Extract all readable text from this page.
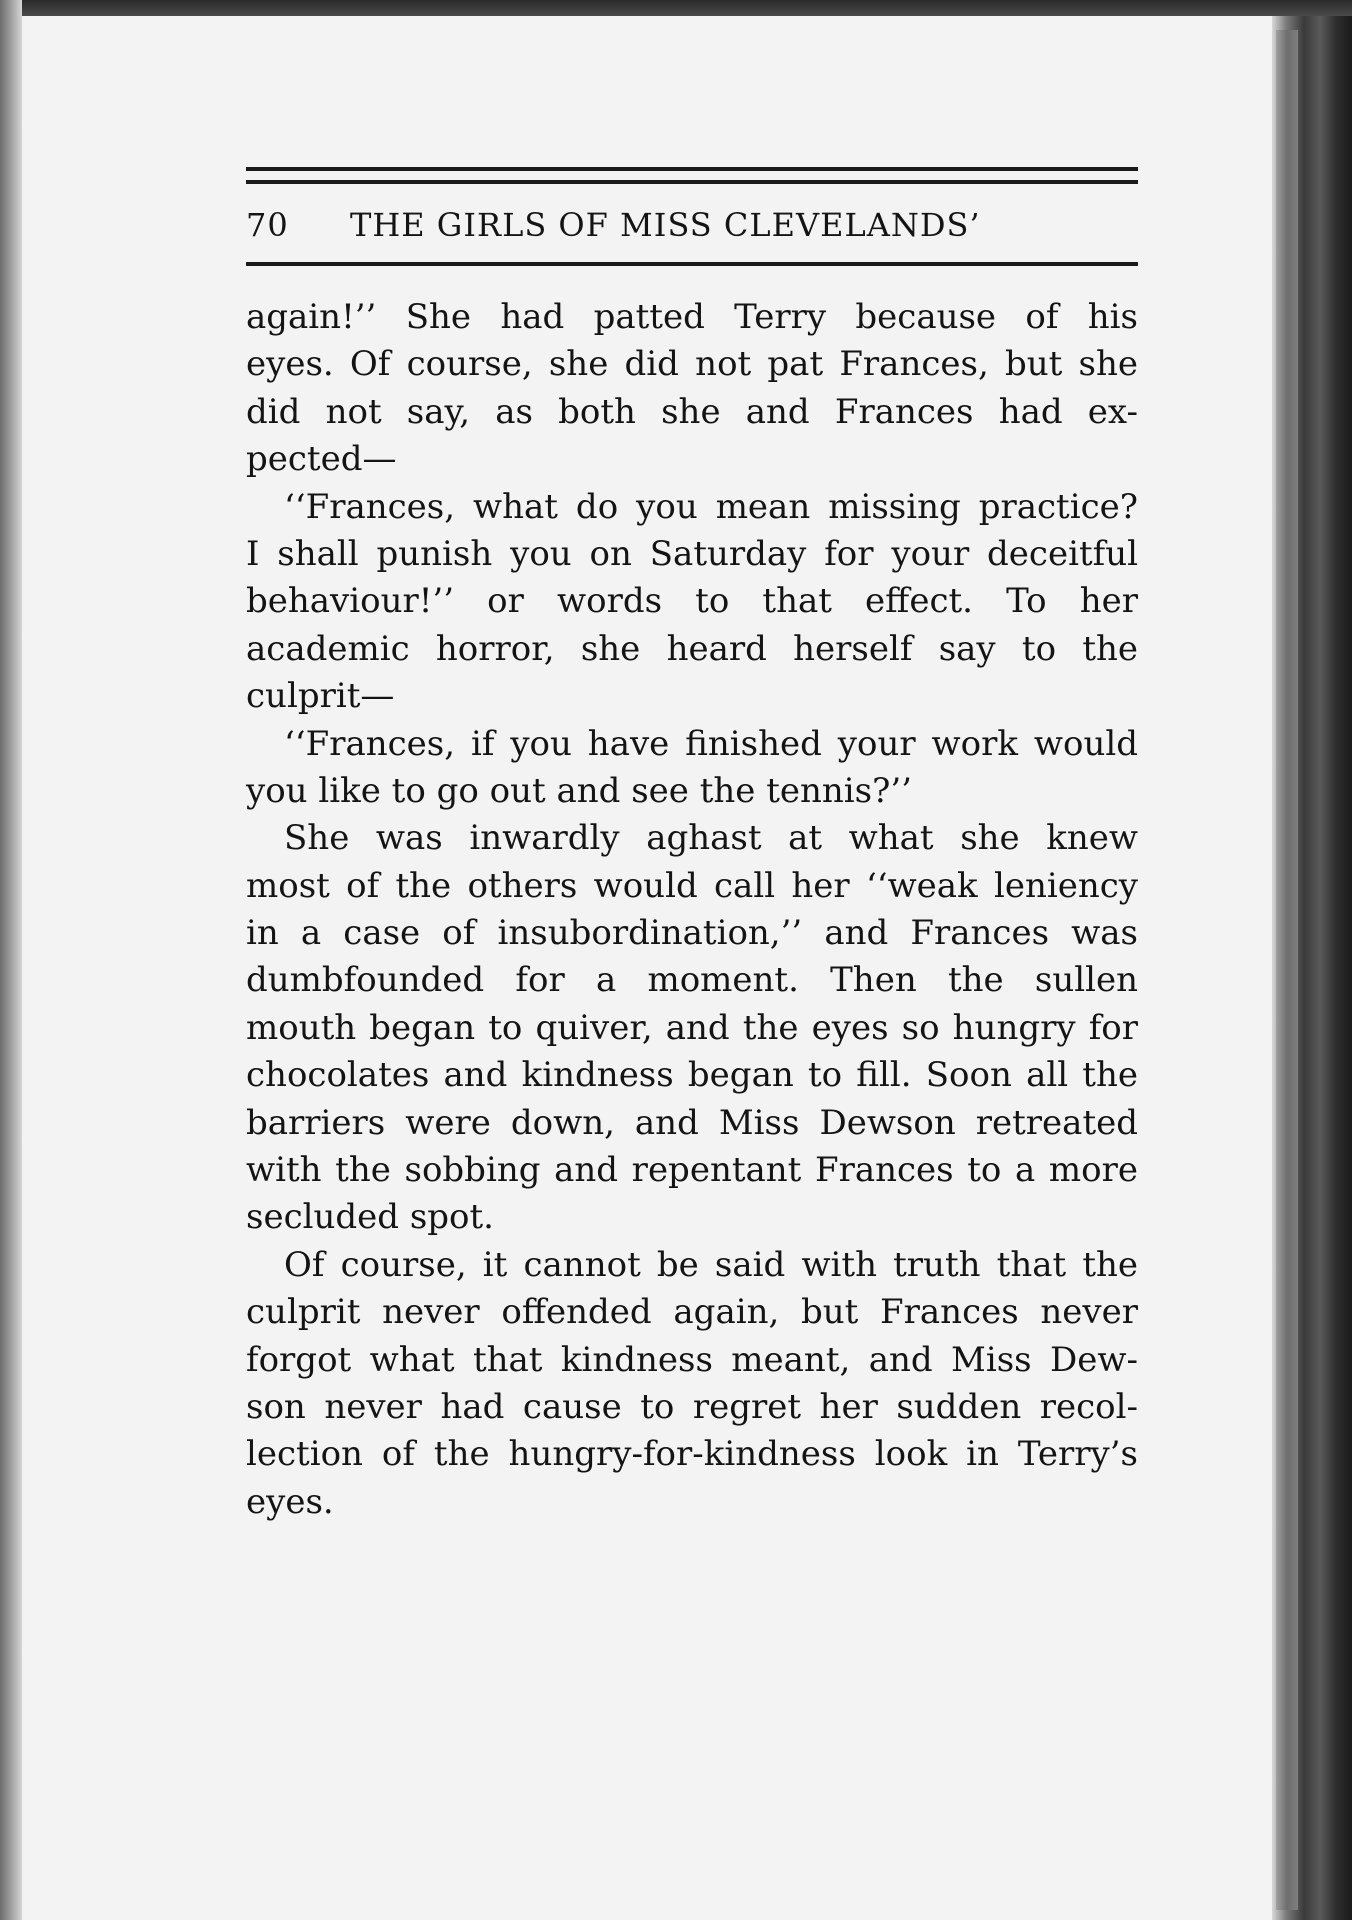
70 THE GIRLS OF MISS CLEVELANDS’
again!’’ She had patted Terry because of his
eyes. Of course, she did not pat Frances, but she
did not say, as both she and Frances had ex-
pected—
‘‘Frances, what do you mean missing practice?
I shall punish you on Saturday for your deceitful
behaviour!’’ or words to that effect. To her
academic horror, she heard herself say to the
culprit—
‘‘Frances, if you have finished your work would
you like to go out and see the tennis?’’
She was inwardly aghast at what she knew
most of the others would call her ‘‘weak leniency
in a case of insubordination,’’ and Frances was
dumbfounded for a moment. Then the sullen
mouth began to quiver, and the eyes so hungry for
chocolates and kindness began to fill. Soon all the
barriers were down, and Miss Dewson retreated
with the sobbing and repentant Frances to a more
secluded spot.
Of course, it cannot be said with truth that the
culprit never offended again, but Frances never
forgot what that kindness meant, and Miss Dew-
son never had cause to regret her sudden recol-
lection of the hungry-for-kindness look in Terry’s
eyes.
